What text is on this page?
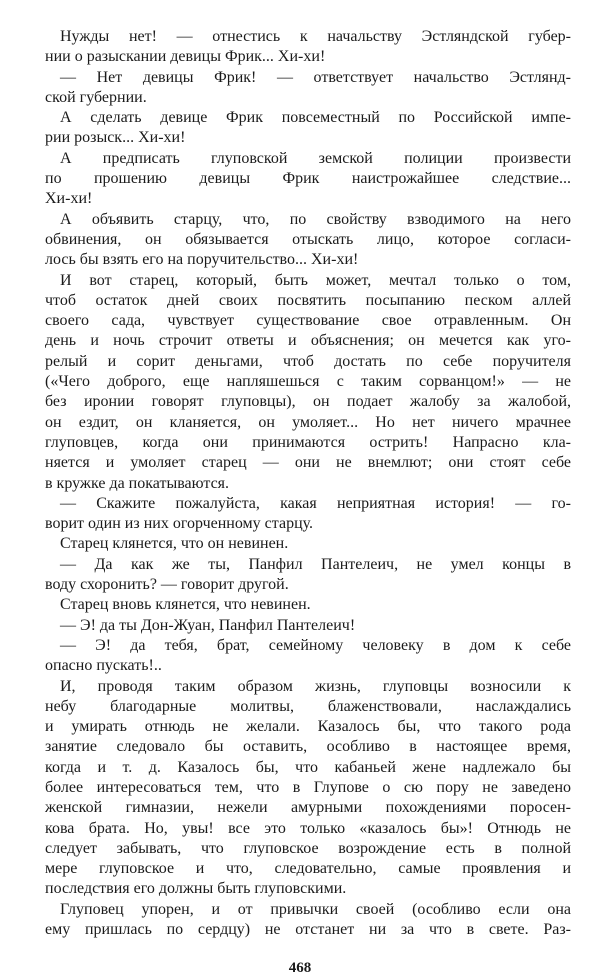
Нужды нет! — отнестись к начальству Эстляндской губер-
нии о разыскании девицы Фрик... Хи-хи!
— Нет девицы Фрик! — ответствует начальство Эстлянд-
ской губернии.
А сделать девице Фрик повсеместный по Российской импе-
рии розыск... Хи-хи!
А предписать глуповской земской полиции произвести
по прошению девицы Фрик наистрожайшее следствие...
Хи-хи!
А объявить старцу, что, по свойству взводимого на него
обвинения, он обязывается отыскать лицо, которое согласи-
лось бы взять его на поручительство... Хи-хи!
И вот старец, который, быть может, мечтал только о том,
чтоб остаток дней своих посвятить посыпанию песком аллей
своего сада, чувствует существование свое отравленным. Он
день и ночь строчит ответы и объяснения; он мечется как уго-
релый и сорит деньгами, чтоб достать по себе поручителя
(«Чего доброго, еще напляшешься с таким сорванцом!» — не
без иронии говорят глуповцы), он подает жалобу за жалобой,
он ездит, он кланяется, он умоляет... Но нет ничего мрачнее
глуповцев, когда они принимаются острить! Напрасно кла-
няется и умоляет старец — они не внемлют; они стоят себе
в кружке да покатываются.
— Скажите пожалуйста, какая неприятная история! — го-
ворит один из них огорченному старцу.
Старец клянется, что он невинен.
— Да как же ты, Панфил Пантелеич, не умел концы в
воду схоронить? — говорит другой.
Старец вновь клянется, что невинен.
— Э! да ты Дон-Жуан, Панфил Пантелеич!
— Э! да тебя, брат, семейному человеку в дом к себе
опасно пускать!..
И, проводя таким образом жизнь, глуповцы возносили к
небу благодарные молитвы, блаженствовали, наслаждались
и умирать отнюдь не желали. Казалось бы, что такого рода
занятие следовало бы оставить, особливо в настоящее время,
когда и т. д. Казалось бы, что кабаньей жене надлежало бы
более интересоваться тем, что в Глупове о сю пору не заведено
женской гимназии, нежели амурными похождениями поросен-
кова брата. Но, увы! все это только «казалось бы»! Отнюдь не
следует забывать, что глуповское возрождение есть в полной
мере глуповское и что, следовательно, самые проявления и
последствия его должны быть глуповскими.
Глуповец упорен, и от привычки своей (особливо если она
ему пришлась по сердцу) не отстанет ни за что в свете. Раз-
468
